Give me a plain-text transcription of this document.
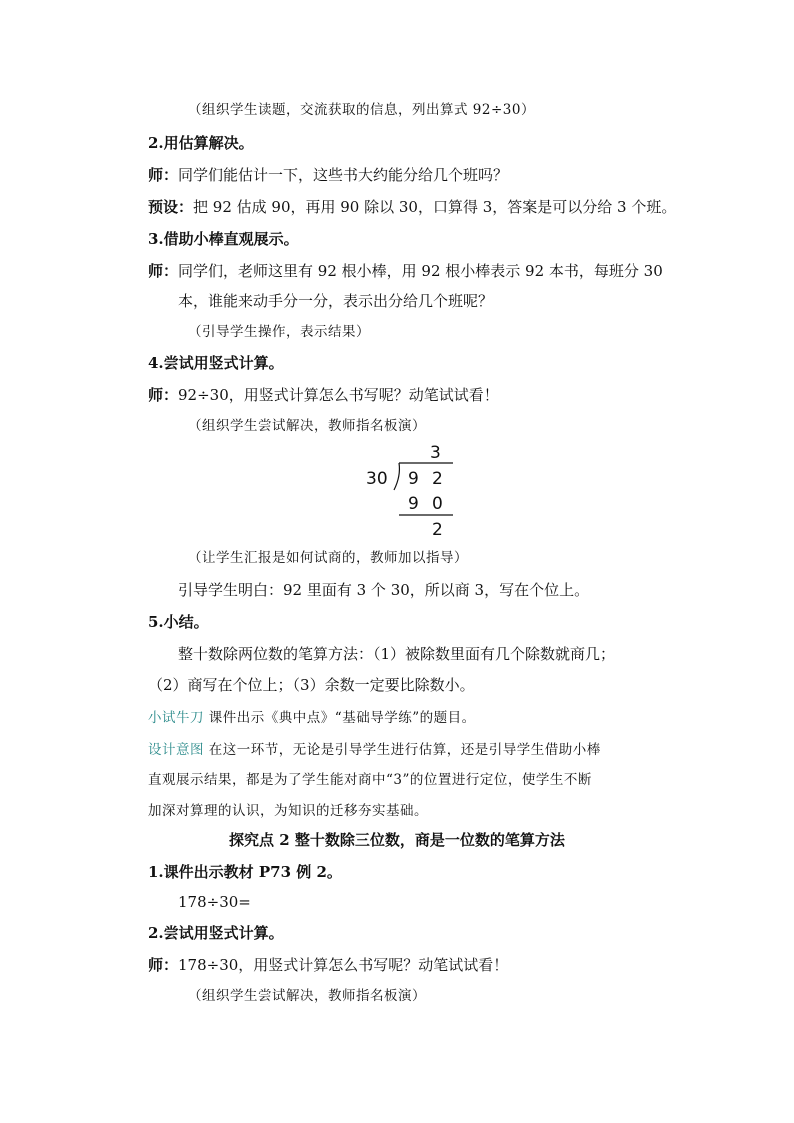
（组织学生读题，交流获取的信息，列出算式 92÷30）
2.用估算解决。
师：同学们能估计一下，这些书大约能分给几个班吗？
预设：把 92 估成 90，再用 90 除以 30，口算得 3，答案是可以分给 3 个班。
3.借助小棒直观展示。
师：同学们，老师这里有 92 根小棒，用 92 根小棒表示 92 本书，每班分 30
本，谁能来动手分一分，表示出分给几个班呢？
（引导学生操作，表示结果）
4.尝试用竖式计算。
师：92÷30，用竖式计算怎么书写呢？动笔试试看！
（组织学生尝试解决，教师指名板演）
3
30 9 2
9 0
2
（让学生汇报是如何试商的，教师加以指导）
引导学生明白：92 里面有 3 个 30，所以商 3，写在个位上。
5.小结。
整十数除两位数的笔算方法：（1）被除数里面有几个除数就商几；
（2）商写在个位上；（3）余数一定要比除数小。
小试牛刀 课件出示《典中点》“基础导学练”的题目。
设计意图 在这一环节，无论是引导学生进行估算，还是引导学生借助小棒
直观展示结果，都是为了学生能对商中“3”的位置进行定位，使学生不断
加深对算理的认识，为知识的迁移夯实基础。
探究点 2 整十数除三位数，商是一位数的笔算方法
1.课件出示教材 P73 例 2。
178÷30=
2.尝试用竖式计算。
师：178÷30，用竖式计算怎么书写呢？动笔试试看！
（组织学生尝试解决，教师指名板演）
